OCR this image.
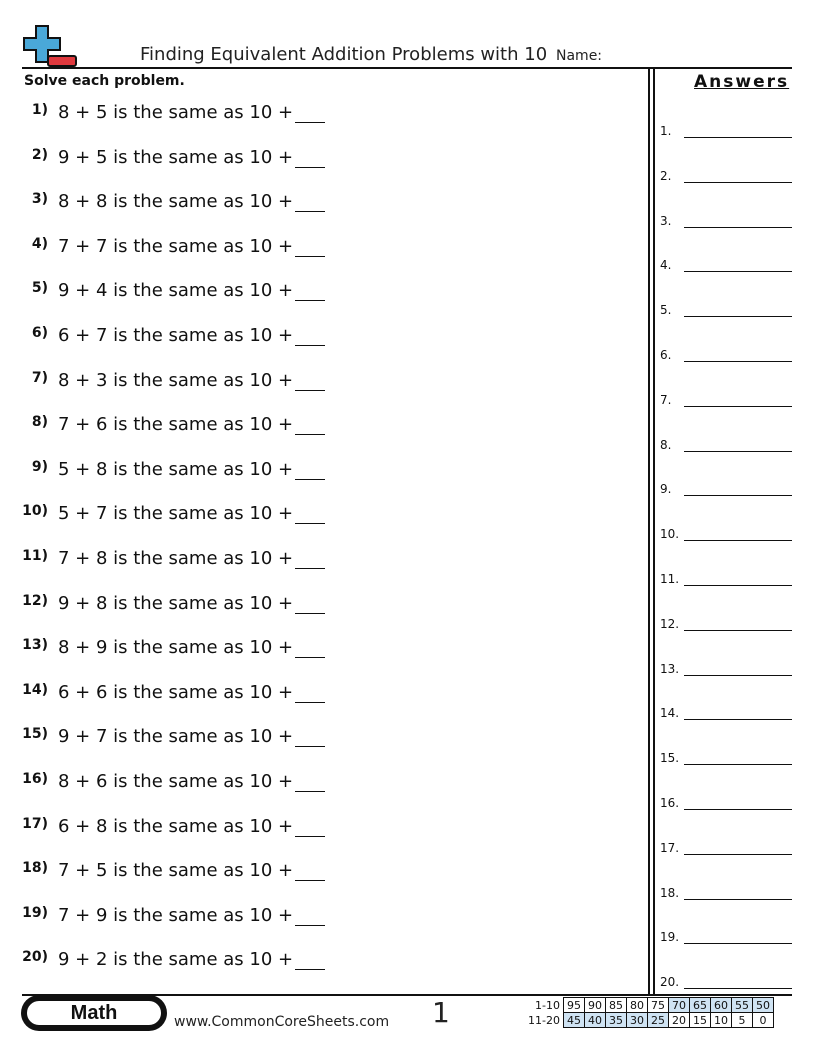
Finding Equivalent Addition Problems with 10 Name:
Solve each problem.	Answers
1) 8 + 5 is the same as 10 +
2) 9 + 5 is the same as 10 +
3) 8 + 8 is the same as 10 +
4) 7 + 7 is the same as 10 +
5) 9 + 4 is the same as 10 +
6) 6 + 7 is the same as 10 +
7) 8 + 3 is the same as 10 +
8) 7 + 6 is the same as 10 +
9) 5 + 8 is the same as 10 +
10) 5 + 7 is the same as 10 +
11) 7 + 8 is the same as 10 +
12) 9 + 8 is the same as 10 +
13) 8 + 9 is the same as 10 +
14) 6 + 6 is the same as 10 +
15) 9 + 7 is the same as 10 +
16) 8 + 6 is the same as 10 +
17) 6 + 8 is the same as 10 +
18) 7 + 5 is the same as 10 +
19) 7 + 9 is the same as 10 +
20) 9 + 2 is the same as 10 +
1.
2.
3.
4.
5.
6.
7.
8.
9.
10.
11.
12.
13.
14.
15.
16.
17.
18.
19.
20.
Math	www.CommonCoreSheets.com 1	1-10	95	90	85	80	75	70	65	60	55	50
11-20	45	40	35	30	25	20	15	10	5	0
